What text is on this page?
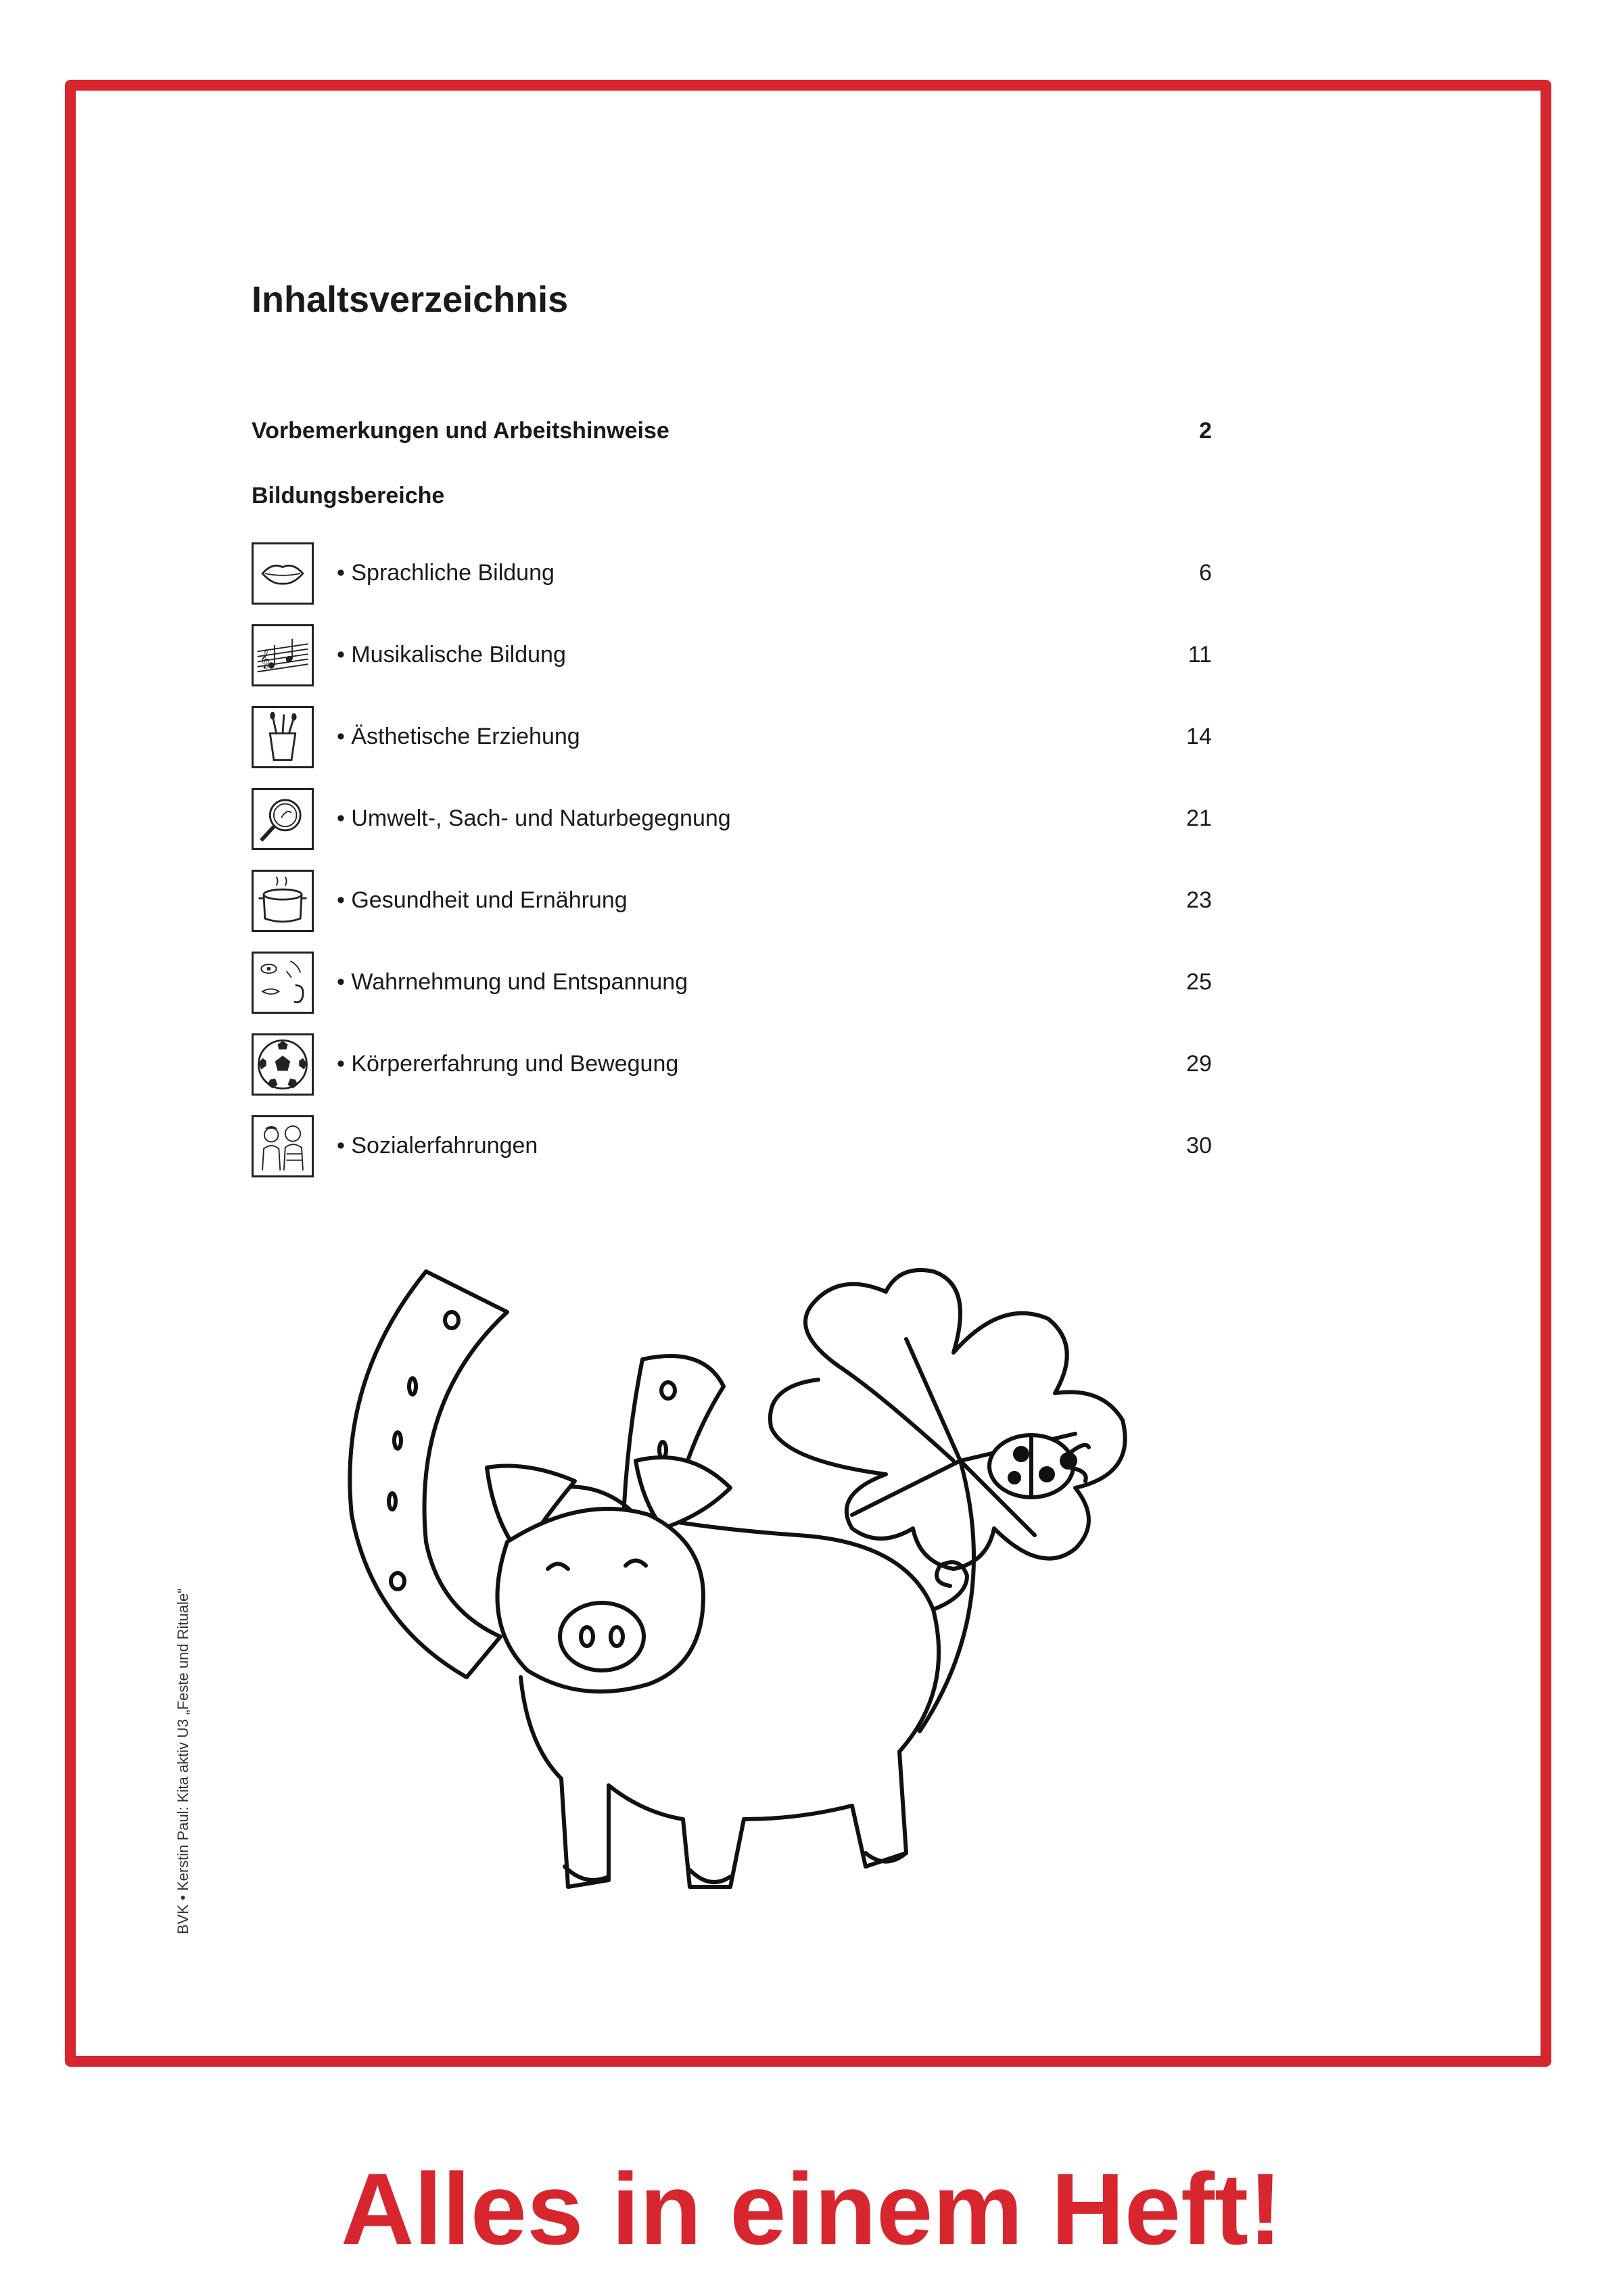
Inhaltsverzeichnis
Vorbemerkungen und Arbeitshinweise	2
Bildungsbereiche
• Sprachliche Bildung	6
𝄞	• Musikalische Bildung	11
• Ästhetische Erziehung	14
• Umwelt-, Sach- und Naturbegegnung	21
• Gesundheit und Ernährung	23
• Wahrnehmung und Entspannung	25
• Körpererfahrung und Bewegung	29
• Sozialerfahrungen	30
BVK • Kerstin Paul: Kita aktiv U3 „Feste und Rituale“
Alles in einem Heft!
